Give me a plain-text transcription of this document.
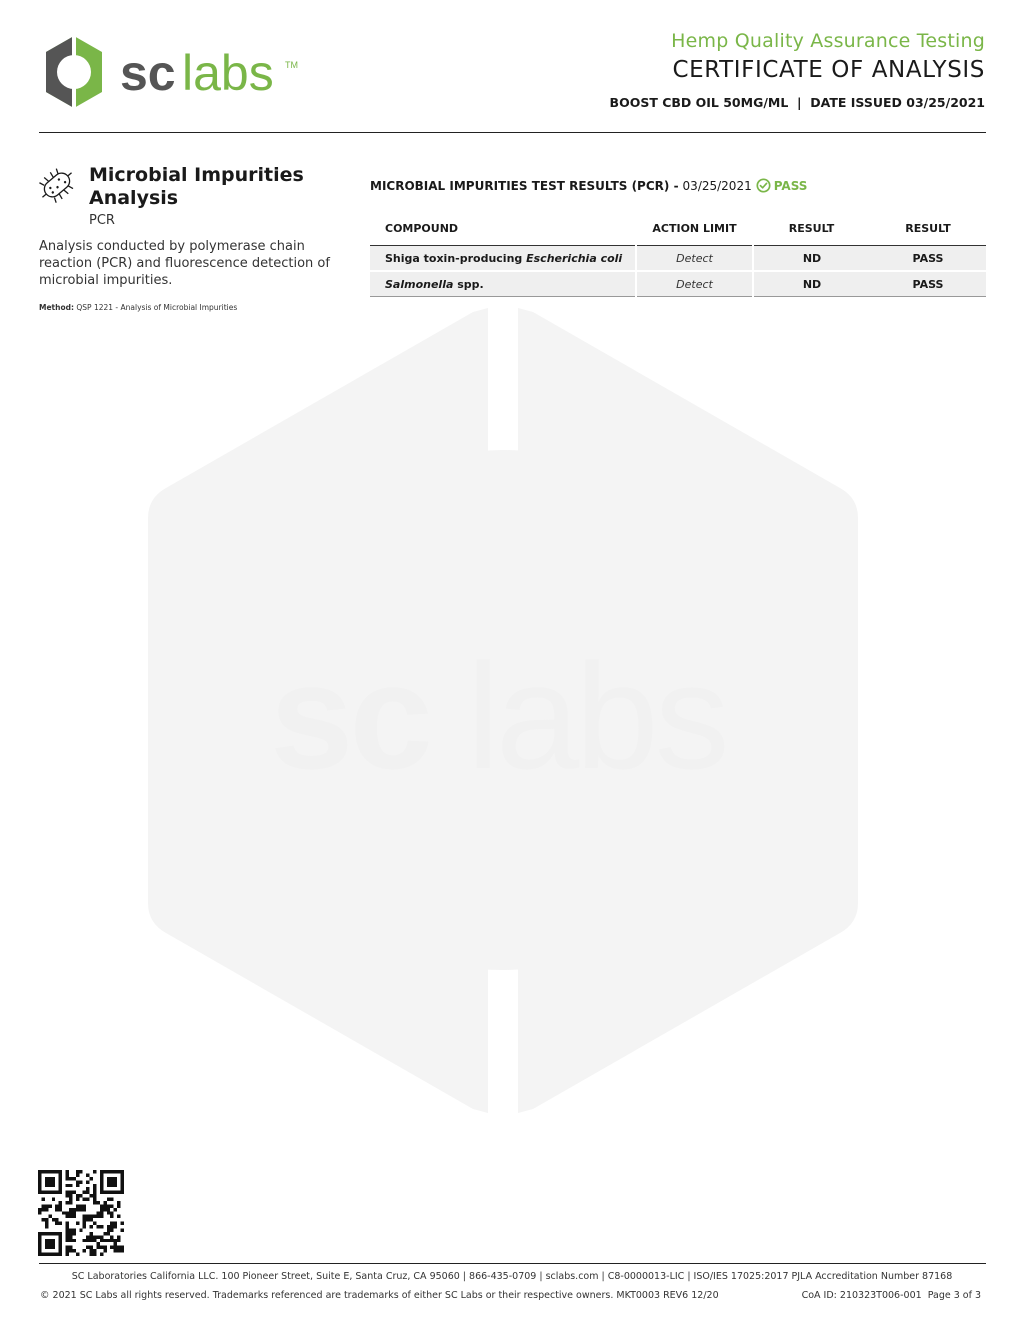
sc labs
sc labs TM
Hemp Quality Assurance Testing
CERTIFICATE OF ANALYSIS
BOOST CBD OIL 50MG/ML  |  DATE ISSUED 03/25/2021
Microbial Impurities Analysis
PCR
Analysis conducted by polymerase chain reaction (PCR) and fluorescence detection of microbial impurities.
Method: QSP 1221 - Analysis of Microbial Impurities
MICROBIAL IMPURITIES TEST RESULTS (PCR) - 03/25/2021 PASS
COMPOUND	ACTION LIMIT	RESULT	RESULT
Shiga toxin-producing Escherichia coli	Detect	ND	PASS
Salmonella spp.	Detect	ND	PASS
SC Laboratories California LLC. 100 Pioneer Street, Suite E, Santa Cruz, CA 95060 | 866-435-0709 | sclabs.com | C8-0000013-LIC | ISO/IES 17025:2017 PJLA Accreditation Number 87168
© 2021 SC Labs all rights reserved. Trademarks referenced are trademarks of either SC Labs or their respective owners. MKT0003 REV6 12/20	CoA ID: 210323T006-001  Page 3 of 3
